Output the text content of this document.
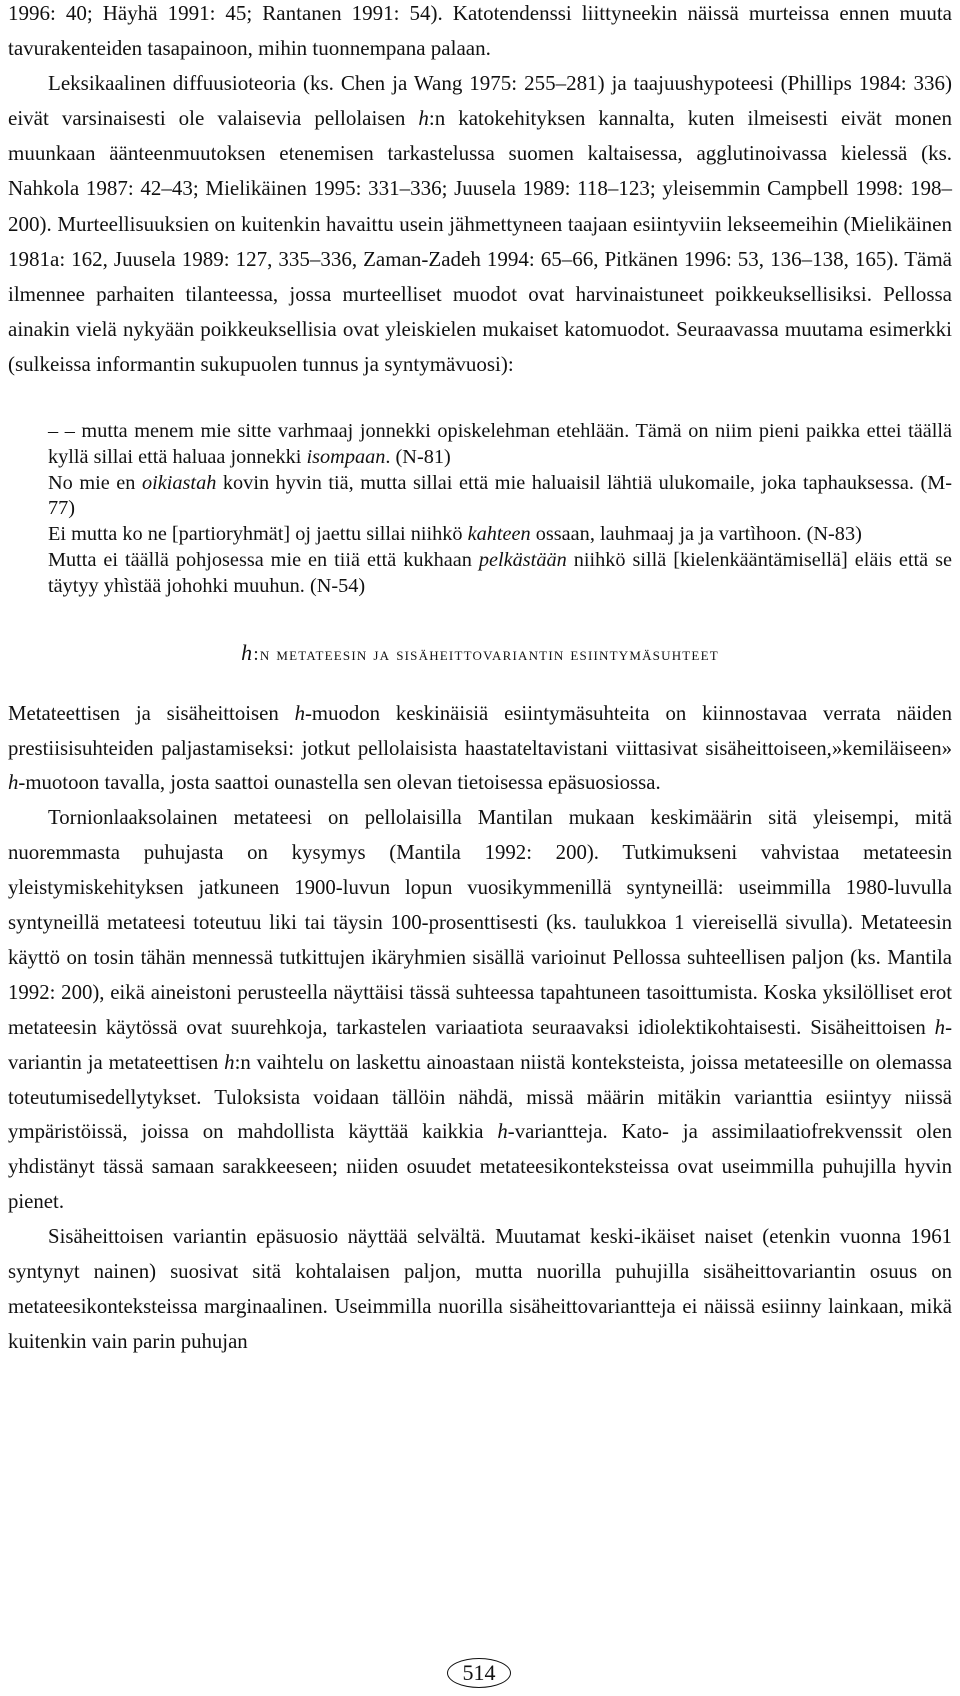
1996: 40; Häyhä 1991: 45; Rantanen 1991: 54). Katotendenssi liittyneekin näissä murteissa ennen muuta tavurakenteiden tasapainoon, mihin tuonnempana palaan.

Leksikaalinen diffuusioteoria (ks. Chen ja Wang 1975: 255–281) ja taajuushypoteesi (Phillips 1984: 336) eivät varsinaisesti ole valaisevia pellolaisen h:n katokehityksen kannalta, kuten ilmeisesti eivät monen muunkaan äänteenmuutoksen etenemisen tarkastelussa suomen kaltaisessa, agglutinoivassa kielessä (ks. Nahkola 1987: 42–43; Mielikäinen 1995: 331–336; Juusela 1989: 118–123; yleisemmin Campbell 1998: 198–200). Murteellisuuksien on kuitenkin havaittu usein jähmettyneen taajaan esiintyviin lekseemeihin (Mielikäinen 1981a: 162, Juusela 1989: 127, 335–336, Zaman-Zadeh 1994: 65–66, Pitkänen 1996: 53, 136–138, 165). Tämä ilmennee parhaiten tilanteessa, jossa murteelliset muodot ovat harvinaistuneet poikkeuksellisiksi. Pellossa ainakin vielä nykyään poikkeuksellisia ovat yleiskielen mukaiset katomuodot. Seuraavassa muutama esimerkki (sulkeissa informantin sukupuolen tunnus ja syntymävuosi):

– – mutta menem mie sitte varhmaaj jonnekki opiskelehman etehlään. Tämä on niim pieni paikka ettei täällä kyllä sillai että haluaa jonnekki isompaan. (N-81)

No mie en oikiastah kovin hyvin tiä, mutta sillai että mie haluaisil lähtiä ulukomaile, joka taphauksessa. (M-77)

Ei mutta ko ne [partioryhmät] oj jaettu sillai niihkö kahteen ossaan, lauhmaaj ja ja vartìhoon. (N-83)

Mutta ei täällä pohjosessa mie en tiiä että kukhaan pelkästään niihkö sillä [kielenkääntämisellä] eläis että se täytyy yhìstää johohki muuhun. (N-54)

h:n metateesin ja sisäheittovariantin esiintymäsuhteet

Metateettisen ja sisäheittoisen h-muodon keskinäisiä esiintymäsuhteita on kiinnostavaa verrata näiden prestiisisuhteiden paljastamiseksi: jotkut pellolaisista haastateltavistani viittasivat sisäheittoiseen,»kemiläiseen» h-muotoon tavalla, josta saattoi ounastella sen olevan tietoisessa epäsuosiossa.

Tornionlaaksolainen metateesi on pellolaisilla Mantilan mukaan keskimäärin sitä yleisempi, mitä nuoremmasta puhujasta on kysymys (Mantila 1992: 200). Tutkimukseni vahvistaa metateesin yleistymiskehityksen jatkuneen 1900-luvun lopun vuosikymmenillä syntyneillä: useimmilla 1980-luvulla syntyneillä metateesi toteutuu liki tai täysin 100-prosenttisesti (ks. taulukkoa 1 viereisellä sivulla). Metateesin käyttö on tosin tähän mennessä tutkittujen ikäryhmien sisällä varioinut Pellossa suhteellisen paljon (ks. Mantila 1992: 200), eikä aineistoni perusteella näyttäisi tässä suhteessa tapahtuneen tasoittumista. Koska yksilölliset erot metateesin käytössä ovat suurehkoja, tarkastelen variaatiota seuraavaksi idiolektikohtaisesti. Sisäheittoisen h-variantin ja metateettisen h:n vaihtelu on laskettu ainoastaan niistä konteksteista, joissa metateesille on olemassa toteutumisedellytykset. Tuloksista voidaan tällöin nähdä, missä määrin mitäkin varianttia esiintyy niissä ympäristöissä, joissa on mahdollista käyttää kaikkia h-variantteja. Kato- ja assimilaatiofrekvenssit olen yhdistänyt tässä samaan sarakkeeseen; niiden osuudet metateesikonteksteissa ovat useimmilla puhujilla hyvin pienet.

Sisäheittoisen variantin epäsuosio näyttää selvältä. Muutamat keski-ikäiset naiset (etenkin vuonna 1961 syntynyt nainen) suosivat sitä kohtalaisen paljon, mutta nuorilla puhujilla sisäheittovariantin osuus on metateesikonteksteissa marginaalinen. Useimmilla nuorilla sisäheittovariantteja ei näissä esiinny lainkaan, mikä kuitenkin vain parin puhujan

514
